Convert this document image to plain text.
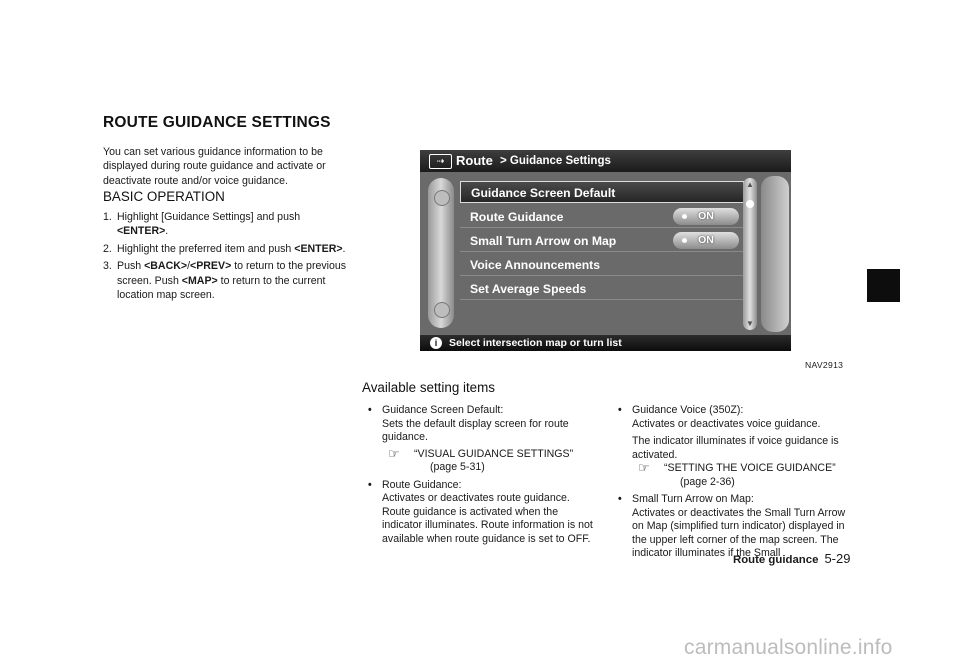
ROUTE GUIDANCE SETTINGS
You can set various guidance information to be displayed during route guidance and activate or deactivate route and/or voice guidance.
BASIC OPERATION
1. Highlight [Guidance Settings] and push <ENTER>.
2. Highlight the preferred item and push <ENTER>.
3. Push <BACK>/<PREV> to return to the previous screen. Push <MAP> to return to the current location map screen.
⇢ Route > Guidance Settings
Guidance Screen Default
Route Guidance	ON
Small Turn Arrow on Map	ON
Voice Announcements
Set Average Speeds
▲
▼
i	Select intersection map or turn list
NAV2913
Available setting items
• Guidance Screen Default:
Sets the default display screen for route guidance.
☞ “VISUAL GUIDANCE SETTINGS”
(page 5-31)
• Route Guidance:
Activates or deactivates route guidance. Route guidance is activated when the indicator illuminates. Route information is not available when route guidance is set to OFF.
• Guidance Voice (350Z):
Activates or deactivates voice guidance.
The indicator illuminates if voice guidance is activated.
☞ “SETTING THE VOICE GUIDANCE”
(page 2-36)
• Small Turn Arrow on Map:
Activates or deactivates the Small Turn Arrow on Map (simplified turn indicator) displayed in the upper left corner of the map screen. The indicator illuminates if the Small
Route guidance 5-29
carmanualsonline.info
